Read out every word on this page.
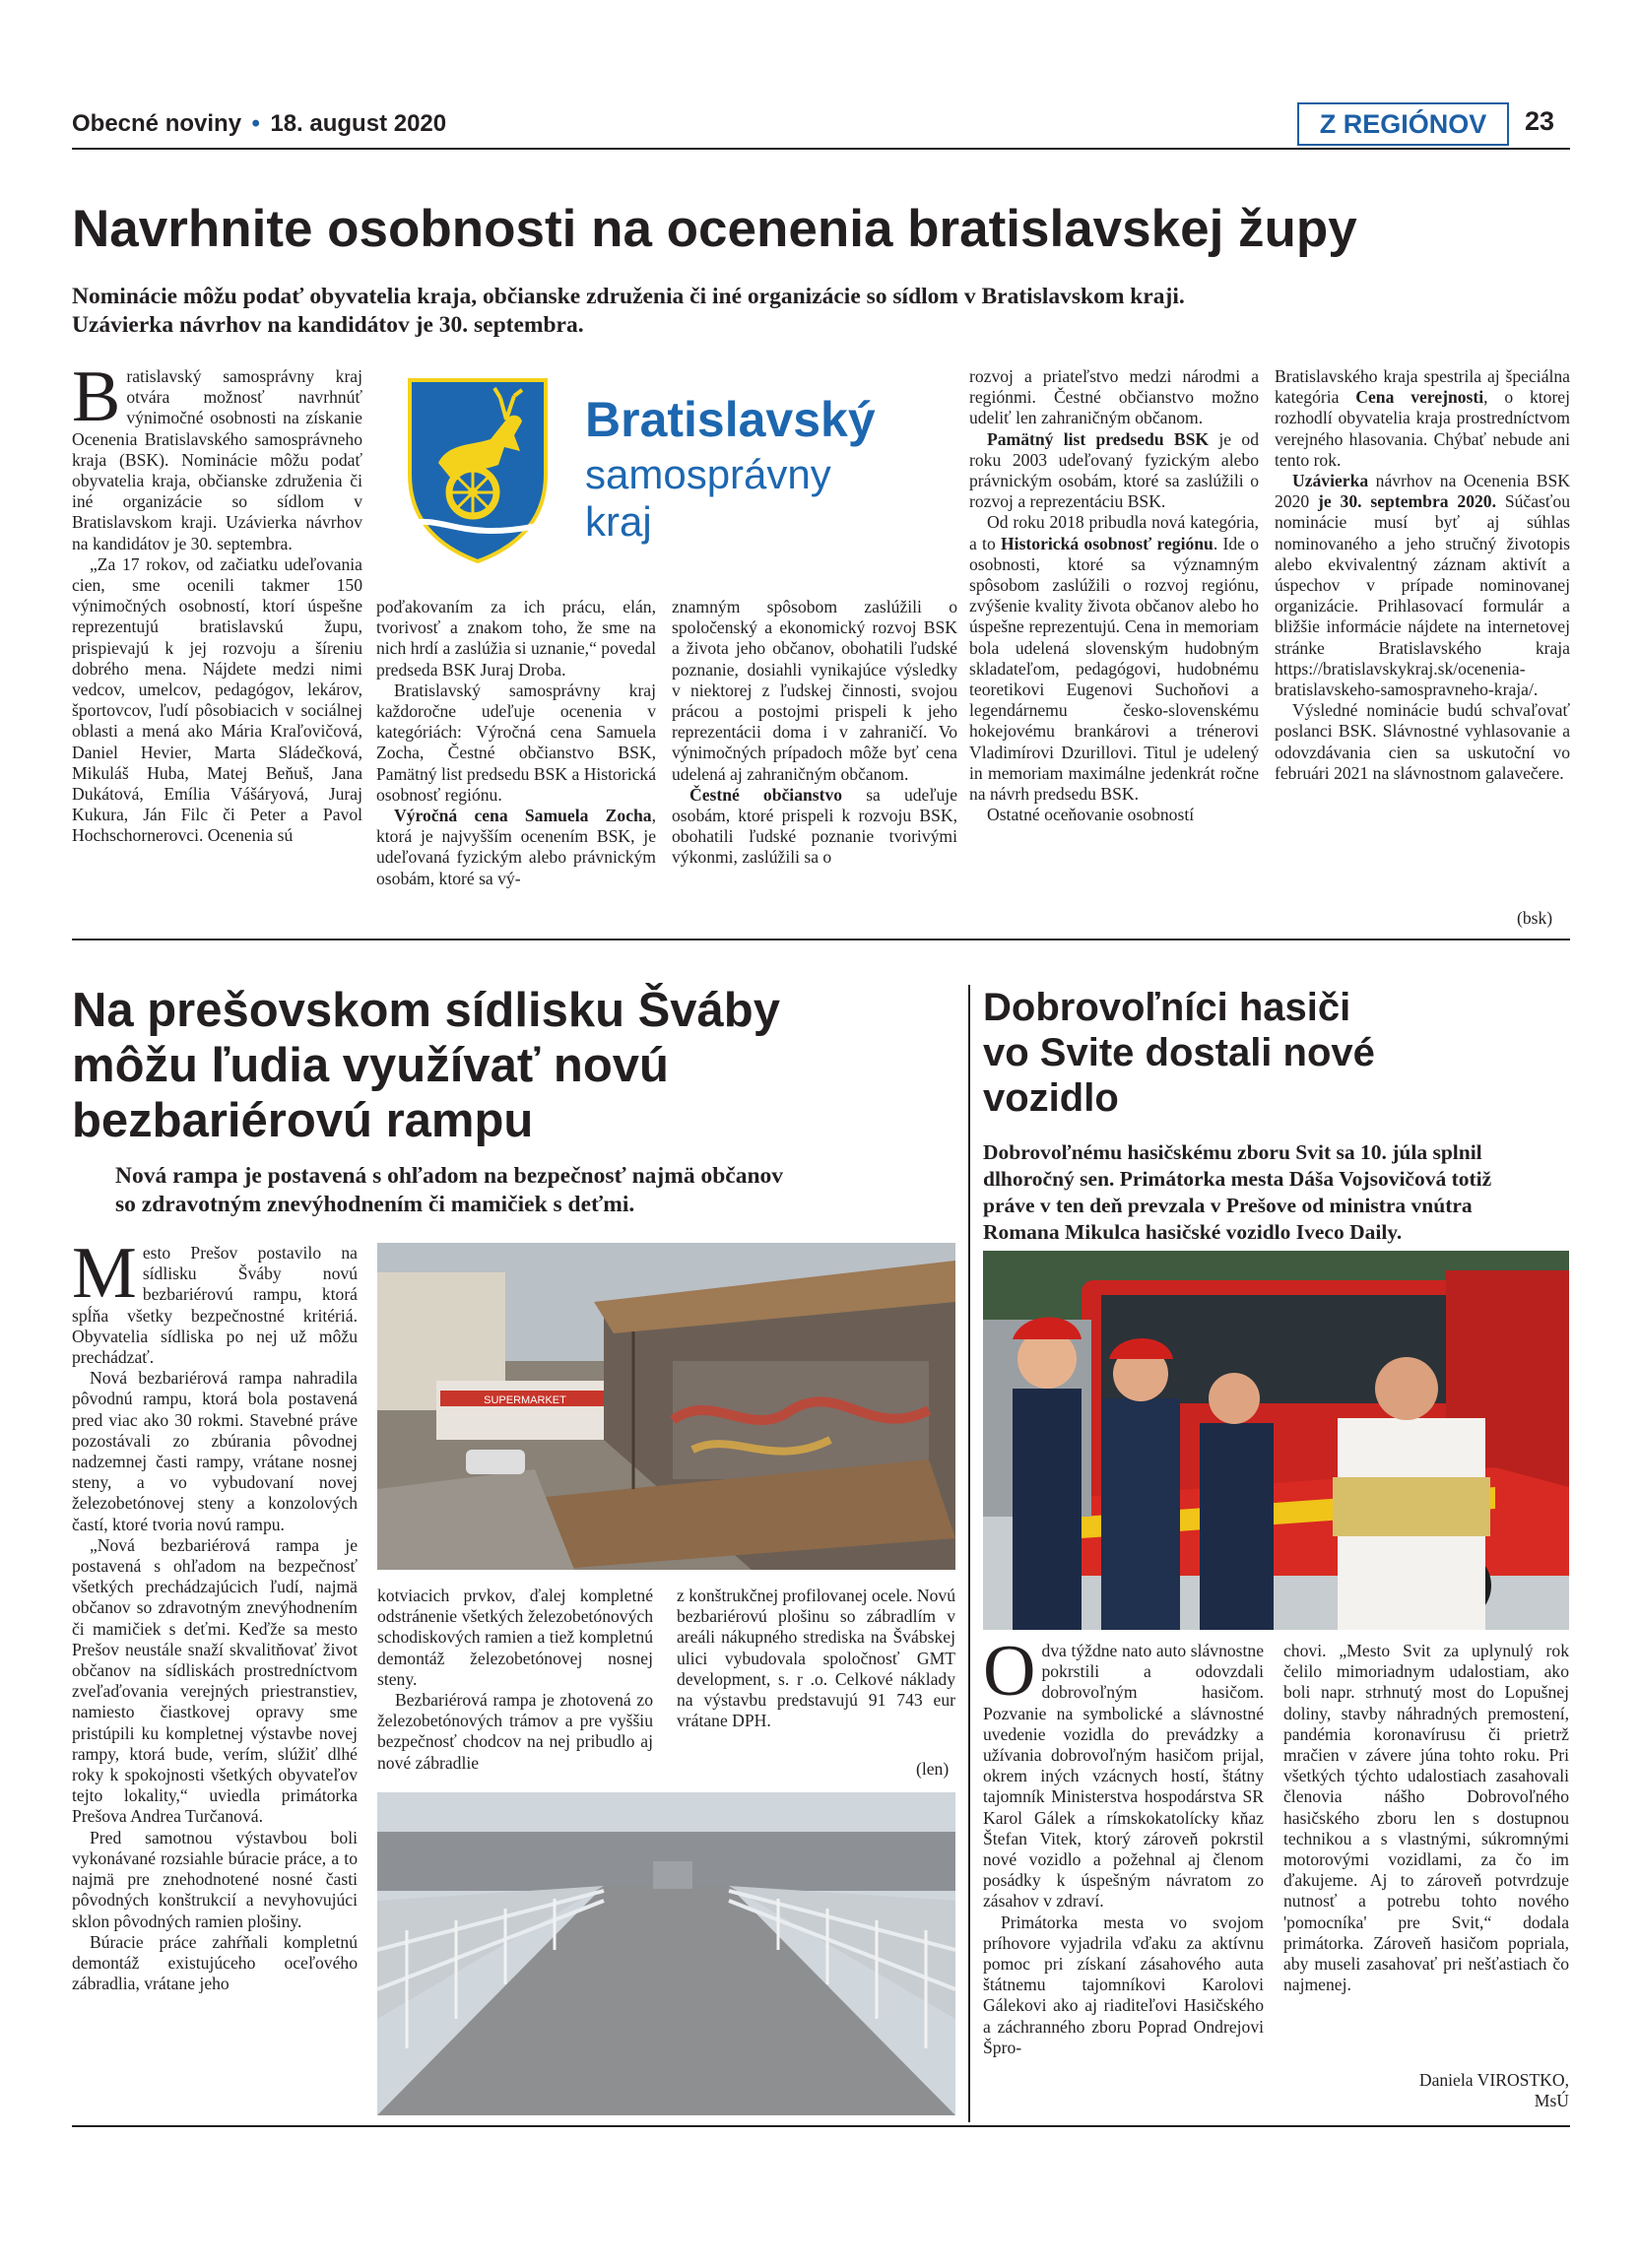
Obecné noviny • 18. august 2020	Z REGIÓNOV	23
Navrhnite osobnosti na ocenenia bratislavskej župy
Nominácie môžu podať obyvatelia kraja, občianske združenia či iné organizácie so sídlom v Bratislavskom kraji.
Uzávierka návrhov na kandidátov je 30. septembra.
Bratislavský
samosprávny
kraj

Bratislavský samosprávny kraj otvára možnosť navrhnúť výnimočné osobnosti na získanie Ocenenia Bratislavského samosprávneho kraja (BSK). Nominácie môžu podať obyvatelia kraja, občianske združenia či iné organizácie so sídlom v Bratislavskom kraji. Uzávierka návrhov na kandidátov je 30. septembra.

„Za 17 rokov, od začiatku udeľovania cien, sme ocenili takmer 150 výnimočných osobností, ktorí úspešne reprezentujú bratislavskú župu, prispievajú k jej rozvoju a šíreniu dobrého mena. Nájdete medzi nimi vedcov, umelcov, pedagógov, lekárov, športovcov, ľudí pôsobiacich v sociálnej oblasti a mená ako Mária Kraľovičová, Daniel Hevier, Marta Sládečková, Mikuláš Huba, Matej Beňuš, Jana Dukátová, Emília Vášáryová, Juraj Kukura, Ján Filc či Peter a Pavol Hochschornerovci. Ocenenia sú

poďakovaním za ich prácu, elán, tvorivosť a znakom toho, že sme na nich hrdí a zaslúžia si uznanie,“ povedal predseda BSK Juraj Droba.

Bratislavský samosprávny kraj každoročne udeľuje ocenenia v kategóriách: Výročná cena Samuela Zocha, Čestné občianstvo BSK, Pamätný list predsedu BSK a Historická osobnosť regiónu.

Výročná cena Samuela Zocha, ktorá je najvyšším ocenením BSK, je udeľovaná fyzickým alebo právnickým osobám, ktoré sa vý-

znamným spôsobom zaslúžili o spoločenský a ekonomický rozvoj BSK a života jeho občanov, obohatili ľudské poznanie, dosiahli vynikajúce výsledky v niektorej z ľudskej činnosti, svojou prácou a postojmi prispeli k jeho reprezentácii doma i v zahraničí. Vo výnimočných prípadoch môže byť cena udelená aj zahraničným občanom.

Čestné občianstvo sa udeľuje osobám, ktoré prispeli k rozvoju BSK, obohatili ľudské poznanie tvorivými výkonmi, zaslúžili sa o

rozvoj a priateľstvo medzi národmi a regiónmi. Čestné občianstvo možno udeliť len zahraničným občanom.

Pamätný list predsedu BSK je od roku 2003 udeľovaný fyzickým alebo právnickým osobám, ktoré sa zaslúžili o rozvoj a reprezentáciu BSK.

Od roku 2018 pribudla nová kategória, a to Historická osobnosť regiónu. Ide o osobnosti, ktoré sa významným spôsobom zaslúžili o rozvoj regiónu, zvýšenie kvality života občanov alebo ho úspešne reprezentujú. Cena in memoriam bola udelená slovenským hudobným skladateľom, pedagógovi, hudobnému teoretikovi Eugenovi Suchoňovi a legendárnemu česko-slovenskému hokejovému brankárovi a trénerovi Vladimírovi Dzurillovi. Titul je udelený in memoriam maximálne jedenkrát ročne na návrh predsedu BSK.

Ostatné oceňovanie osobností

Bratislavského kraja spestrila aj špeciálna kategória Cena verejnosti, o ktorej rozhodlí obyvatelia kraja prostredníctvom verejného hlasovania. Chýbať nebude ani tento rok.

Uzávierka návrhov na Ocenenia BSK 2020 je 30. septembra 2020. Súčasťou nominácie musí byť aj súhlas nominovaného a jeho stručný životopis alebo ekvivalentný záznam aktivít a úspechov v prípade nominovanej organizácie. Prihlasovací formulár a bližšie informácie nájdete na internetovej stránke Bratislavského kraja https://bratislavskykraj.sk/ocenenia-bratislavskeho-samospravneho-kraja/.

Výsledné nominácie budú schvaľovať poslanci BSK. Slávnostné vyhlasovanie a odovzdávania cien sa uskutoční vo februári 2021 na slávnostnom galavečere.

(bsk)
Na prešovskom sídlisku Šváby
môžu ľudia využívať novú
bezbariérovú rampu
Nová rampa je postavená s ohľadom na bezpečnosť najmä občanov
so zdravotným znevýhodnením či mamičiek s deťmi.
SUPERMARKET

Mesto Prešov postavilo na sídlisku Šváby novú bezbariérovú rampu, ktorá spĺňa všetky bezpečnostné kritériá. Obyvatelia sídliska po nej už môžu prechádzať.

Nová bezbariérová rampa nahradila pôvodnú rampu, ktorá bola postavená pred viac ako 30 rokmi. Stavebné práve pozostávali zo zbúrania pôvodnej nadzemnej časti rampy, vrátane nosnej steny, a vo vybudovaní novej železobetónovej steny a konzolových častí, ktoré tvoria novú rampu.

„Nová bezbariérová rampa je postavená s ohľadom na bezpečnosť všetkých prechádzajúcich ľudí, najmä občanov so zdravotným znevýhodnením či mamičiek s deťmi. Keďže sa mesto Prešov neustále snaží skvalitňovať život občanov na sídliskách prostredníctvom zveľaďovania verejných priestranstiev, namiesto čiastkovej opravy sme pristúpili ku kompletnej výstavbe novej rampy, ktorá bude, verím, slúžiť dlhé roky k spokojnosti všetkých obyvateľov tejto lokality,“ uviedla primátorka Prešova Andrea Turčanová.

Pred samotnou výstavbou boli vykonávané rozsiahle búracie práce, a to najmä pre znehodnotené nosné časti pôvodných konštrukcií a nevyhovujúci sklon pôvodných ramien plošiny.

Búracie práce zahŕňali kompletnú demontáž existujúceho oceľového zábradlia, vrátane jeho

kotviacich prvkov, ďalej kompletné odstránenie všetkých železobetónových schodiskových ramien a tiež kompletnú demontáž železobetónovej nosnej steny.

Bezbariérová rampa je zhotovená zo železobetónových trámov a pre vyššiu bezpečnosť chodcov na nej pribudlo aj nové zábradlie

z konštrukčnej profilovanej ocele. Novú bezbariérovú plošinu so zábradlím v areáli nákupného strediska na Švábskej ulici vybudovala spoločnosť GMT development, s. r .o. Celkové náklady na výstavbu predstavujú 91 743 eur vrátane DPH.

(len)
Dobrovoľníci hasiči
vo Svite dostali nové
vozidlo
Dobrovoľnému hasičskému zboru Svit sa 10. júla splnil
dlhoročný sen. Primátorka mesta Dáša Vojsovičová totiž
práve v ten deň prevzala v Prešove od ministra vnútra
Romana Mikulca hasičské vozidlo Iveco Daily.

Odva týždne nato auto slávnostne pokrstili a odovzdali dobrovoľným hasičom. Pozvanie na symbolické a slávnostné uvedenie vozidla do prevádzky a užívania dobrovoľným hasičom prijal, okrem iných vzácnych hostí, štátny tajomník Ministerstva hospodárstva SR Karol Gálek a rímskokatolícky kňaz Štefan Vitek, ktorý zároveň pokrstil nové vozidlo a požehnal aj členom posádky k úspešným návratom zo zásahov v zdraví.

Primátorka mesta vo svojom príhovore vyjadrila vďaku za aktívnu pomoc pri získaní zásahového auta štátnemu tajomníkovi Karolovi Gálekovi ako aj riaditeľovi Hasičského a záchranného zboru Poprad Ondrejovi Špro-

chovi. „Mesto Svit za uplynulý rok čelilo mimoriadnym udalostiam, ako boli napr. strhnutý most do Lopušnej doliny, stavby náhradných premostení, pandémia koronavírusu či prietrž mračien v závere júna tohto roku. Pri všetkých týchto udalostiach zasahovali členovia nášho Dobrovoľného hasičského zboru len s dostupnou technikou a s vlastnými, súkromnými motorovými vozidlami, za čo im ďakujeme. Aj to zároveň potvrdzuje nutnosť a potrebu tohto nového 'pomocníka' pre Svit,“ dodala primátorka. Zároveň hasičom popriala, aby museli zasahovať pri nešťastiach čo najmenej.

Daniela VIROSTKO,
MsÚ
